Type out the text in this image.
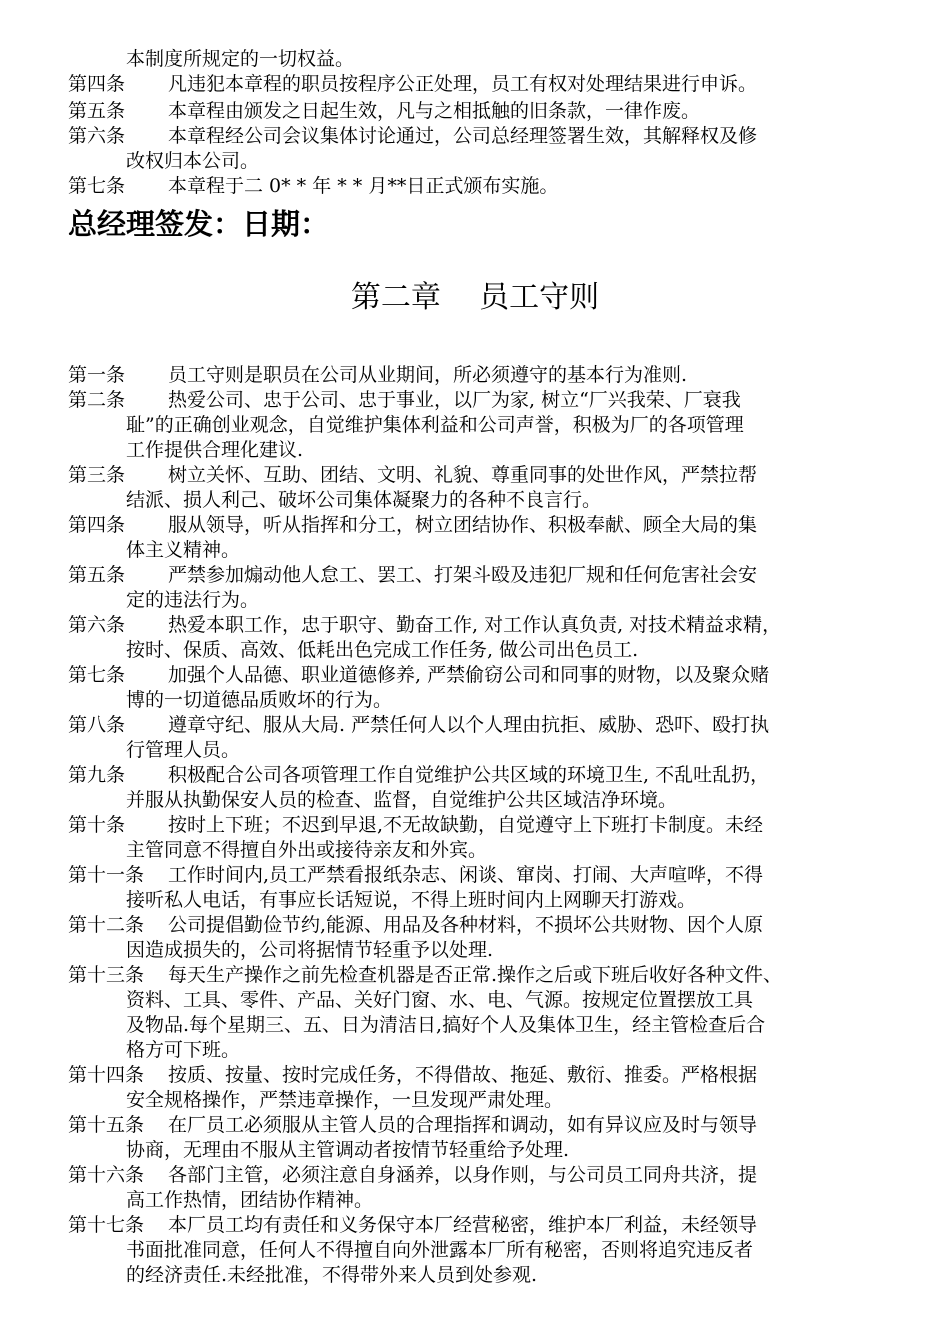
本制度所规定的一切权益。
第四条 凡违犯本章程的职员按程序公正处理，员工有权对处理结果进行申诉。
第五条 本章程由颁发之日起生效，凡与之相抵触的旧条款，一律作废。
第六条 本章程经公司会议集体讨论通过，公司总经理签署生效，其解释权及修
改权归本公司。
第七条 本章程于二 0* * 年 * * 月**日正式颁布实施。
总经理签发：日期：
第二章    员工守则
第一条 员工守则是职员在公司从业期间，所必须遵守的基本行为准则.
第二条 热爱公司、忠于公司、忠于事业，以厂为家, 树立“厂兴我荣、厂衰我
耻”的正确创业观念，自觉维护集体利益和公司声誉，积极为厂的各项管理
工作提供合理化建议.
第三条 树立关怀、互助、团结、文明、礼貌、尊重同事的处世作风，严禁拉帮
结派、损人利己、破坏公司集体凝聚力的各种不良言行。
第四条 服从领导，听从指挥和分工，树立团结协作、积极奉献、顾全大局的集
体主义精神。
第五条 严禁参加煽动他人怠工、罢工、打架斗殴及违犯厂规和任何危害社会安
定的违法行为。
第六条 热爱本职工作，忠于职守、勤奋工作, 对工作认真负责, 对技术精益求精，
按时、保质、高效、低耗出色完成工作任务, 做公司出色员工.
第七条 加强个人品德、职业道德修养, 严禁偷窃公司和同事的财物，以及聚众赌
博的一切道德品质败坏的行为。
第八条 遵章守纪、服从大局. 严禁任何人以个人理由抗拒、威胁、恐吓、殴打执
行管理人员。
第九条 积极配合公司各项管理工作自觉维护公共区域的环境卫生, 不乱吐乱扔，
并服从执勤保安人员的检查、监督，自觉维护公共区域洁净环境。
第十条 按时上下班；不迟到早退,不无故缺勤，自觉遵守上下班打卡制度。未经
主管同意不得擅自外出或接待亲友和外宾。
第十一条 工作时间内,员工严禁看报纸杂志、闲谈、窜岗、打闹、大声喧哗，不得
接听私人电话，有事应长话短说，不得上班时间内上网聊天打游戏。
第十二条 公司提倡勤俭节约,能源、用品及各种材料，不损坏公共财物、因个人原
因造成损失的，公司将据情节轻重予以处理.
第十三条 每天生产操作之前先检查机器是否正常.操作之后或下班后收好各种文件、
资料、工具、零件、产品、关好门窗、水、电、气源。按规定位置摆放工具
及物品.每个星期三、五、日为清洁日,搞好个人及集体卫生，经主管检查后合
格方可下班。
第十四条 按质、按量、按时完成任务，不得借故、拖延、敷衍、推委。严格根据
安全规格操作，严禁违章操作，一旦发现严肃处理。
第十五条 在厂员工必须服从主管人员的合理指挥和调动，如有异议应及时与领导
协商，无理由不服从主管调动者按情节轻重给予处理.
第十六条 各部门主管，必须注意自身涵养，以身作则，与公司员工同舟共济，提
高工作热情，团结协作精神。
第十七条 本厂员工均有责任和义务保守本厂经营秘密，维护本厂利益，未经领导
书面批准同意，任何人不得擅自向外泄露本厂所有秘密，否则将追究违反者
的经济责任.未经批准，不得带外来人员到处参观.
